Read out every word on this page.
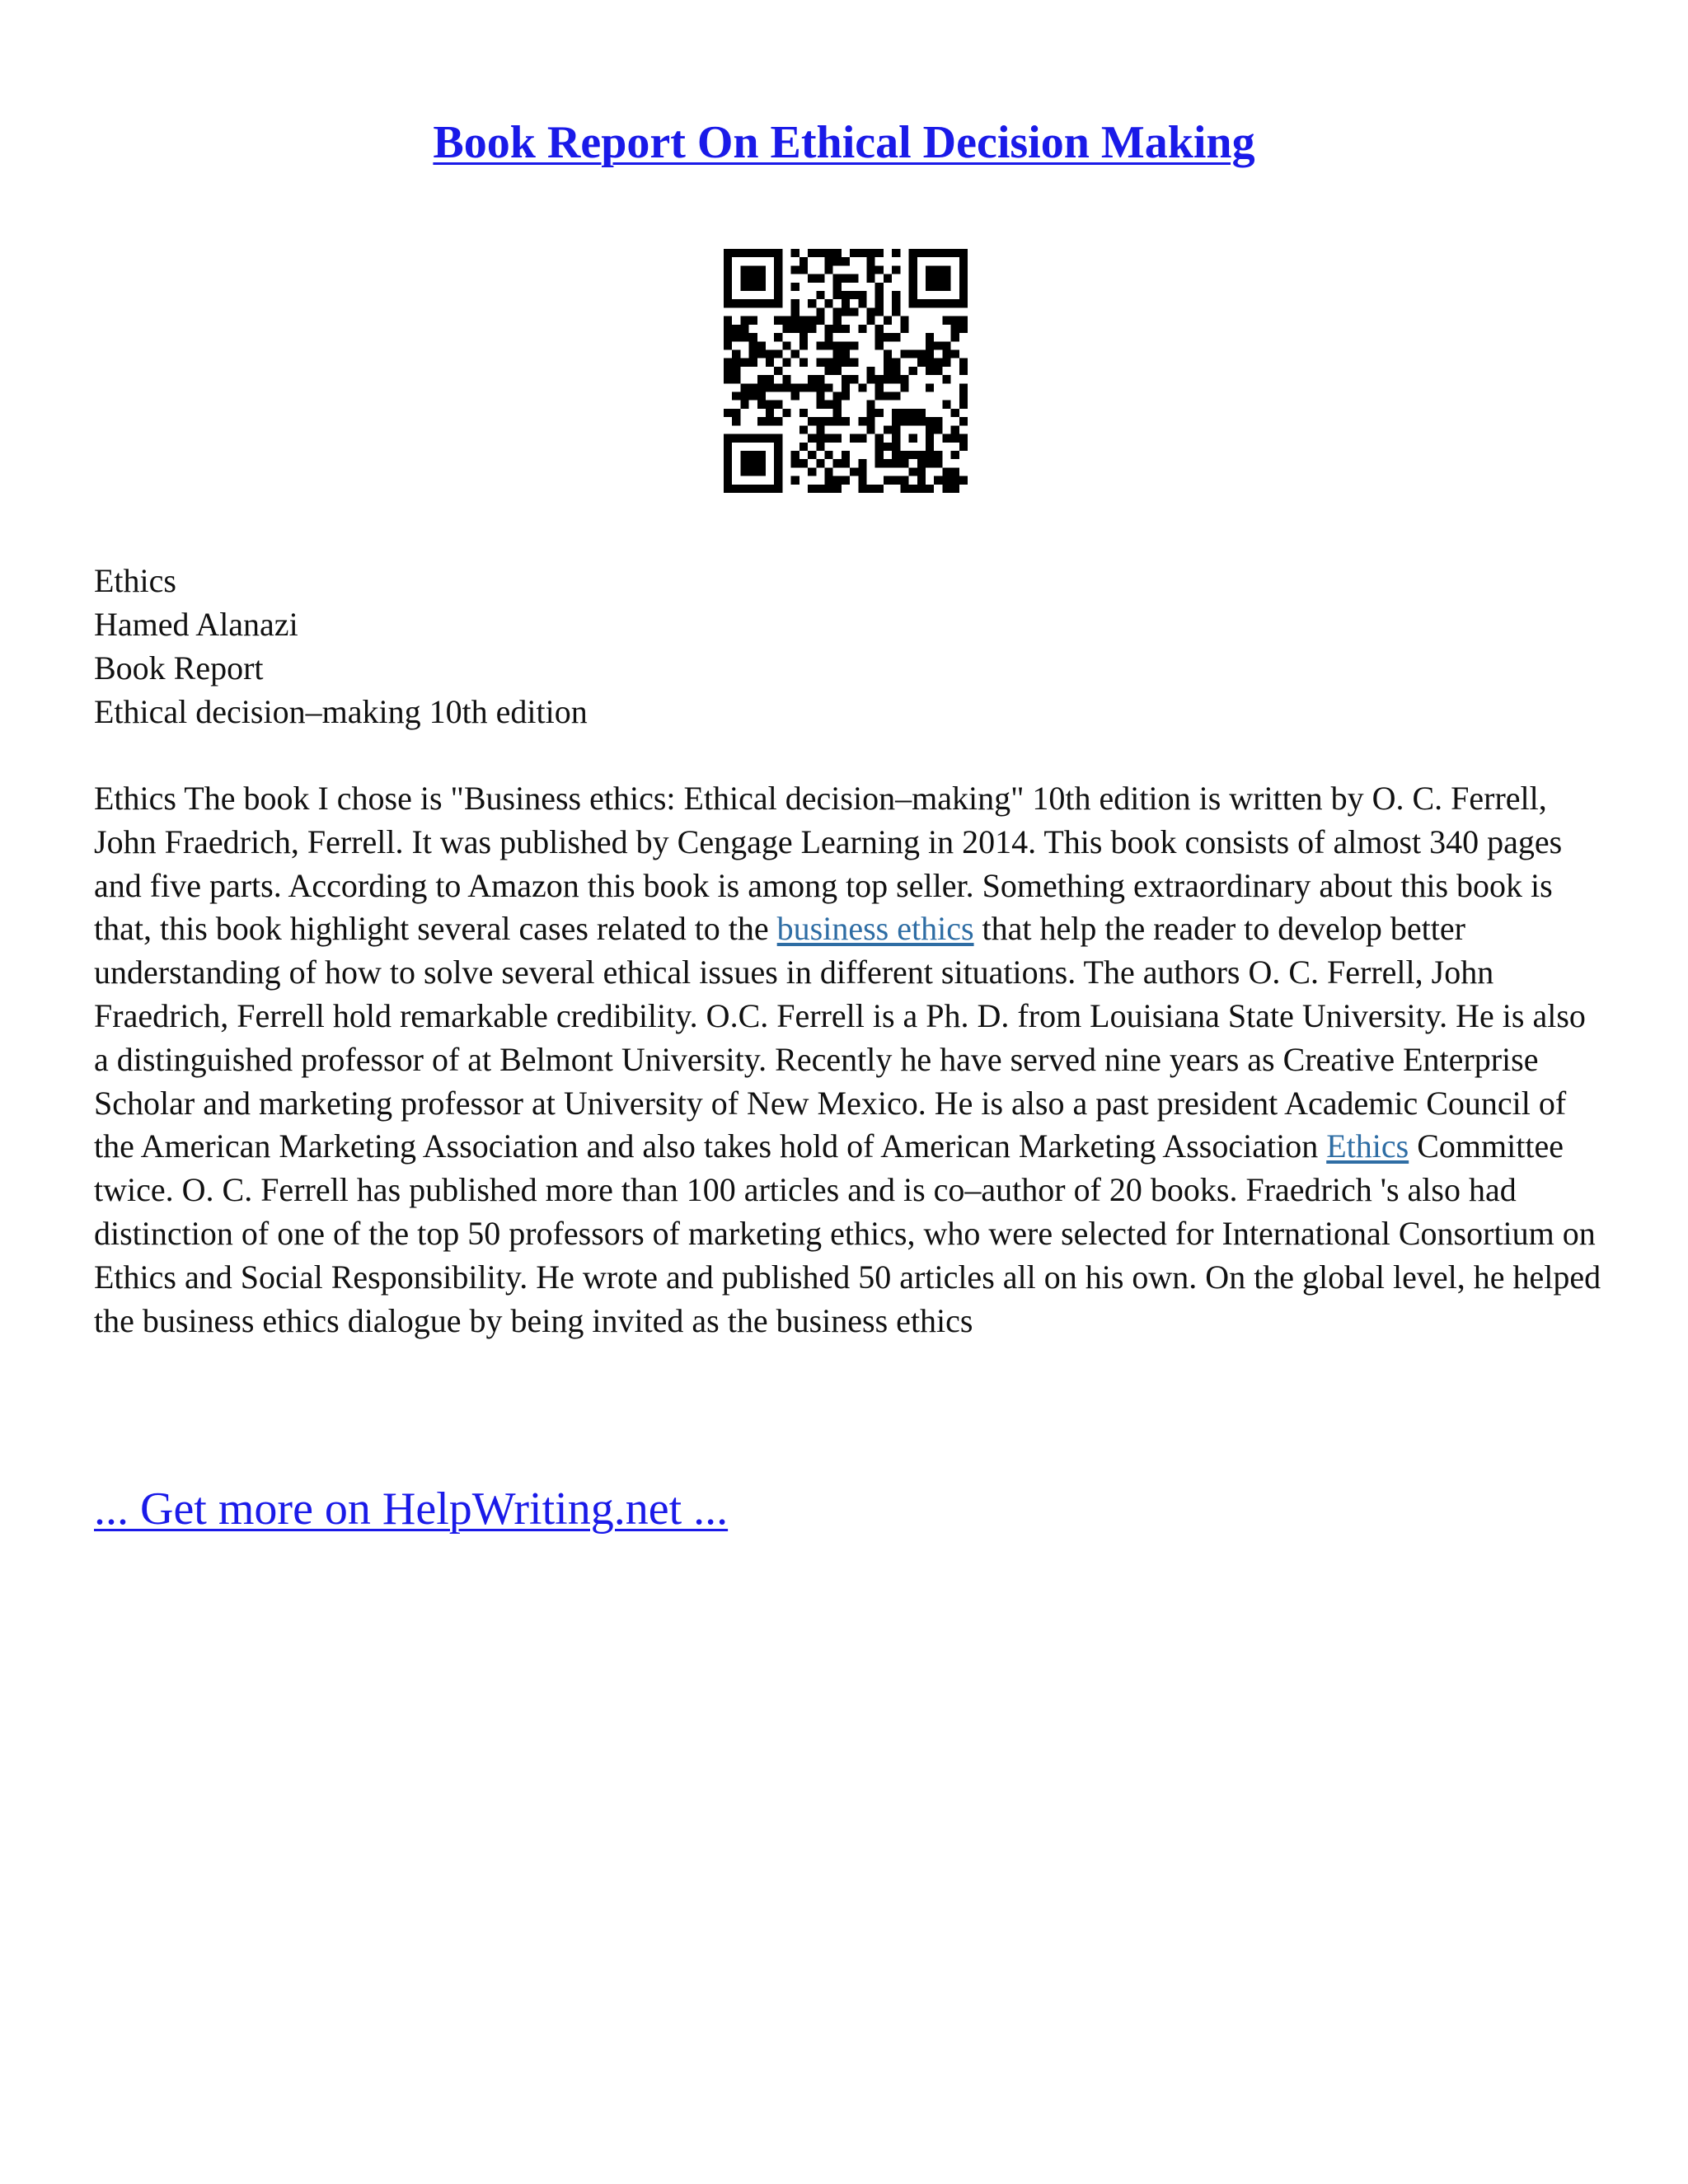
Book Report On Ethical Decision Making
Ethics
Hamed Alanazi
Book Report
Ethical decision–making 10th edition

Ethics The book I chose is "Business ethics: Ethical decision–making" 10th edition is written by O. C. Ferrell, John Fraedrich, Ferrell. It was published by Cengage Learning in 2014. This book consists of almost 340 pages and five parts. According to Amazon this book is among top seller. Something extraordinary about this book is that, this book highlight several cases related to the business ethics that help the reader to develop better understanding of how to solve several ethical issues in different situations. The authors O. C. Ferrell, John Fraedrich, Ferrell hold remarkable credibility. O.C. Ferrell is a Ph. D. from Louisiana State University. He is also a distinguished professor of at Belmont University. Recently he have served nine years as Creative Enterprise Scholar and marketing professor at University of New Mexico. He is also a past president Academic Council of the American Marketing Association and also takes hold of American Marketing Association Ethics Committee twice. O. C. Ferrell has published more than 100 articles and is co–author of 20 books. Fraedrich 's also had distinction of one of the top 50 professors of marketing ethics, who were selected for International Consortium on Ethics and Social Responsibility. He wrote and published 50 articles all on his own. On the global level, he helped the business ethics dialogue by being invited as the business ethics

... Get more on HelpWriting.net ...
